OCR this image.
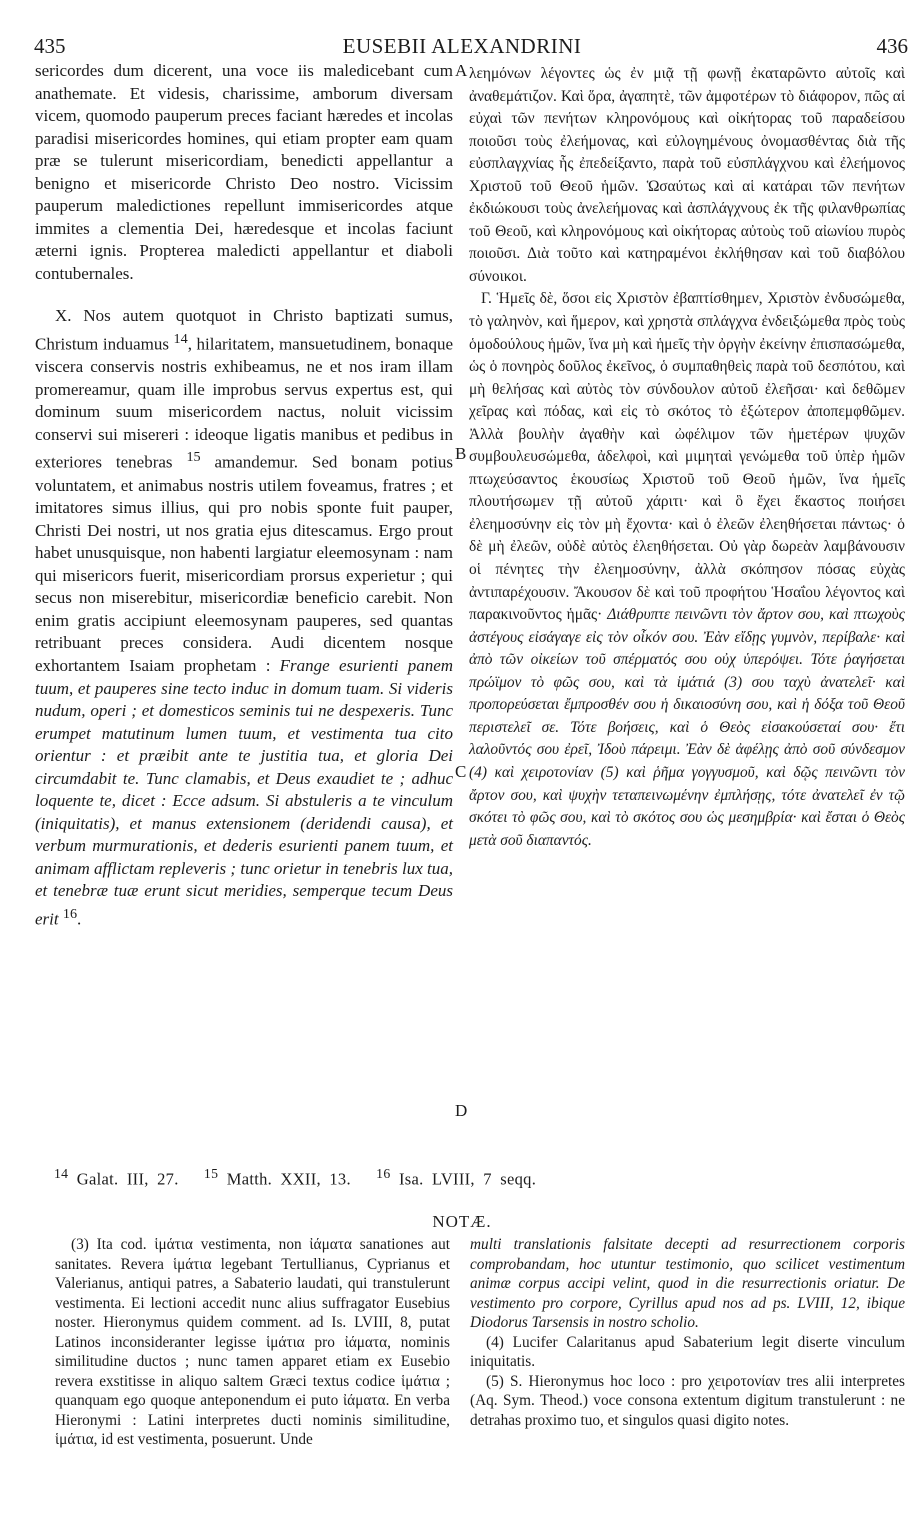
435	EUSEBII ALEXANDRINI	436
A
B
C
D

sericordes dum dicerent, una voce iis maledicebant cum anathemate. Et videsis, charissime, amborum diversam vicem, quomodo pauperum preces faciant hæredes et incolas paradisi misericordes homines, qui etiam propter eam quam præ se tulerunt misericordiam, benedicti appellantur a benigno et misericorde Christo Deo nostro. Vicissim pauperum maledictiones repellunt immisericordes atque immites a clementia Dei, hæredesque et incolas faciunt æterni ignis. Propterea maledicti appellantur et diaboli contubernales.

X. Nos autem quotquot in Christo baptizati sumus, Christum induamus $^{14}$, hilaritatem, mansuetudinem, bonaque viscera conservis nostris exhibeamus, ne et nos iram illam promereamur, quam ille improbus servus expertus est, qui dominum suum misericordem nactus, noluit vicissim conservi sui misereri : ideoque ligatis manibus et pedibus in exteriores tenebras $^{15}$ amandemur. Sed bonam potius voluntatem, et animabus nostris utilem foveamus, fratres ; et imitatores simus illius, qui pro nobis sponte fuit pauper, Christi Dei nostri, ut nos gratia ejus ditescamus. Ergo prout habet unusquisque, non habenti largiatur eleemosynam : nam qui misericors fuerit, misericordiam prorsus experietur ; qui secus non miserebitur, misericordiæ beneficio carebit. Non enim gratis accipiunt eleemosynam pauperes, sed quantas retribuant preces considera. Audi dicentem nosque exhortantem Isaiam prophetam : Frange esurienti panem tuum, et pauperes sine tecto induc in domum tuam. Si videris nudum, operi ; et domesticos seminis tui ne despexeris. Tunc erumpet matutinum lumen tuum, et vestimenta tua cito orientur : et præibit ante te justitia tua, et gloria Dei circumdabit te. Tunc clamabis, et Deus exaudiet te ; adhuc loquente te, dicet : Ecce adsum. Si abstuleris a te vinculum (iniquitatis), et manus extensionem (deridendi causa), et verbum murmurationis, et dederis esurienti panem tuum, et animam afflictam repleveris ; tunc orietur in tenebris lux tua, et tenebræ tuæ erunt sicut meridies, semperque tecum Deus erit $^{16}$.

λεημόνων λέγοντες ὡς ἐν μιᾷ τῇ φωνῇ ἐκαταρῶντο αὐτοῖς καὶ ἀναθεμάτιζον. Καὶ ὅρα, ἀγαπητὲ, τῶν ἀμφοτέρων τὸ διάφορον, πῶς αἱ εὐχαὶ τῶν πενήτων κληρονόμους καὶ οἰκήτορας τοῦ παραδείσου ποιοῦσι τοὺς ἐλεήμονας, καὶ εὐλογημένους ὀνομασθέντας διὰ τῆς εὐσπλαγχνίας ἧς ἐπεδείξαντο, παρὰ τοῦ εὐσπλάγχνου καὶ ἐλεήμονος Χριστοῦ τοῦ Θεοῦ ἡμῶν. Ὡσαύτως καὶ αἱ κατάραι τῶν πενήτων ἐκδιώκουσι τοὺς ἀνελεήμονας καὶ ἀσπλάγχνους ἐκ τῆς φιλανθρωπίας τοῦ Θεοῦ, καὶ κληρονόμους καὶ οἰκήτορας αὐτοὺς τοῦ αἰωνίου πυρὸς ποιοῦσι. Διὰ τοῦτο καὶ κατηραμένοι ἐκλήθησαν καὶ τοῦ διαβόλου σύνοικοι.

Γ. Ἡμεῖς δὲ, ὅσοι εἰς Χριστὸν ἐβαπτίσθημεν, Χριστὸν ἐνδυσώμεθα, τὸ γαληνὸν, καὶ ἥμερον, καὶ χρηστὰ σπλάγχνα ἐνδειξώμεθα πρὸς τοὺς ὁμοδούλους ἡμῶν, ἵνα μὴ καὶ ἡμεῖς τὴν ὀργὴν ἐκείνην ἐπισπασώμεθα, ὡς ὁ πονηρὸς δοῦλος ἐκεῖνος, ὁ συμπαθηθεὶς παρὰ τοῦ δεσπότου, καὶ μὴ θελήσας καὶ αὐτὸς τὸν σύνδουλον αὐτοῦ ἐλεῆσαι· καὶ δεθῶμεν χεῖρας καὶ πόδας, καὶ εἰς τὸ σκότος τὸ ἐξώτερον ἀποπεμφθῶμεν. Ἀλλὰ βουλὴν ἀγαθὴν καὶ ὠφέλιμον τῶν ἡμετέρων ψυχῶν συμβουλευσώμεθα, ἀδελφοὶ, καὶ μιμηταὶ γενώμεθα τοῦ ὑπὲρ ἡμῶν πτωχεύσαντος ἑκουσίως Χριστοῦ τοῦ Θεοῦ ἡμῶν, ἵνα ἡμεῖς πλουτήσωμεν τῇ αὐτοῦ χάριτι· καὶ ὃ ἔχει ἕκαστος ποιήσει ἐλεημοσύνην εἰς τὸν μὴ ἔχοντα· καὶ ὁ ἐλεῶν ἐλεηθήσεται πάντως· ὁ δὲ μὴ ἐλεῶν, οὐδὲ αὐτὸς ἐλεηθήσεται. Οὐ γὰρ δωρεὰν λαμβάνουσιν οἱ πένητες τὴν ἐλεημοσύνην, ἀλλὰ σκόπησον πόσας εὐχὰς ἀντιπαρέχουσιν. Ἄκουσον δὲ καὶ τοῦ προφήτου Ἡσαΐου λέγοντος καὶ παρακινοῦντος ἡμᾶς· Διάθρυπτε πεινῶντι τὸν ἄρτον σου, καὶ πτωχοὺς ἀστέγους εἰσάγαγε εἰς τὸν οἶκόν σου. Ἐὰν εἴδῃς γυμνὸν, περίβαλε· καὶ ἀπὸ τῶν οἰκείων τοῦ σπέρματός σου οὐχ ὑπερόψει. Τότε ῥαγήσεται πρώϊμον τὸ φῶς σου, καὶ τὰ ἱμάτιά (3) σου ταχὺ ἀνατελεῖ· καὶ προπορεύσεται ἔμπροσθέν σου ἡ δικαιοσύνη σου, καὶ ἡ δόξα τοῦ Θεοῦ περιστελεῖ σε. Τότε βοήσεις, καὶ ὁ Θεὸς εἰσακούσεταί σου· ἔτι λαλοῦντός σου ἐρεῖ, Ἰδοὺ πάρειμι. Ἐὰν δὲ ἀφέλῃς ἀπὸ σοῦ σύνδεσμον (4) καὶ χειροτονίαν (5) καὶ ῥῆμα γογγυσμοῦ, καὶ δῷς πεινῶντι τὸν ἄρτον σου, καὶ ψυχὴν τεταπεινωμένην ἐμπλήσῃς, τότε ἀνατελεῖ ἐν τῷ σκότει τὸ φῶς σου, καὶ τὸ σκότος σου ὡς μεσημβρία· καὶ ἔσται ὁ Θεὸς μετὰ σοῦ διαπαντός.

$^{14}$ Galat. III, 27. $^{15}$ Matth. XXII, 13. $^{16}$ Isa. LVIII, 7 seqq.
NOTÆ.

(3) Ita cod. ἱμάτια vestimenta, non ἰάματα sanationes aut sanitates. Revera ἱμάτια legebant Tertullianus, Cyprianus et Valerianus, antiqui patres, a Sabaterio laudati, qui transtulerunt vestimenta. Ei lectioni accedit nunc alius suffragator Eusebius noster. Hieronymus quidem comment. ad Is. LVIII, 8, putat Latinos inconsideranter legisse ἱμάτια pro ἰάματα, nominis similitudine ductos ; nunc tamen apparet etiam ex Eusebio revera exstitisse in aliquo saltem Græci textus codice ἱμάτια ; quanquam ego quoque anteponendum ei puto ἰάματα. En verba Hieronymi : Latini interpretes ducti nominis similitudine, ἱμάτια, id est vestimenta, posuerunt. Unde

multi translationis falsitate decepti ad resurrectionem corporis comprobandam, hoc utuntur testimonio, quo scilicet vestimentum animæ corpus accipi velint, quod in die resurrectionis oriatur. De vestimento pro corpore, Cyrillus apud nos ad ps. LVIII, 12, ibique Diodorus Tarsensis in nostro scholio.

(4) Lucifer Calaritanus apud Sabaterium legit diserte vinculum iniquitatis.

(5) S. Hieronymus hoc loco : pro χειροτονίαν tres alii interpretes (Aq. Sym. Theod.) voce consona extentum digitum transtulerunt : ne detrahas proximo tuo, et singulos quasi digito notes.
